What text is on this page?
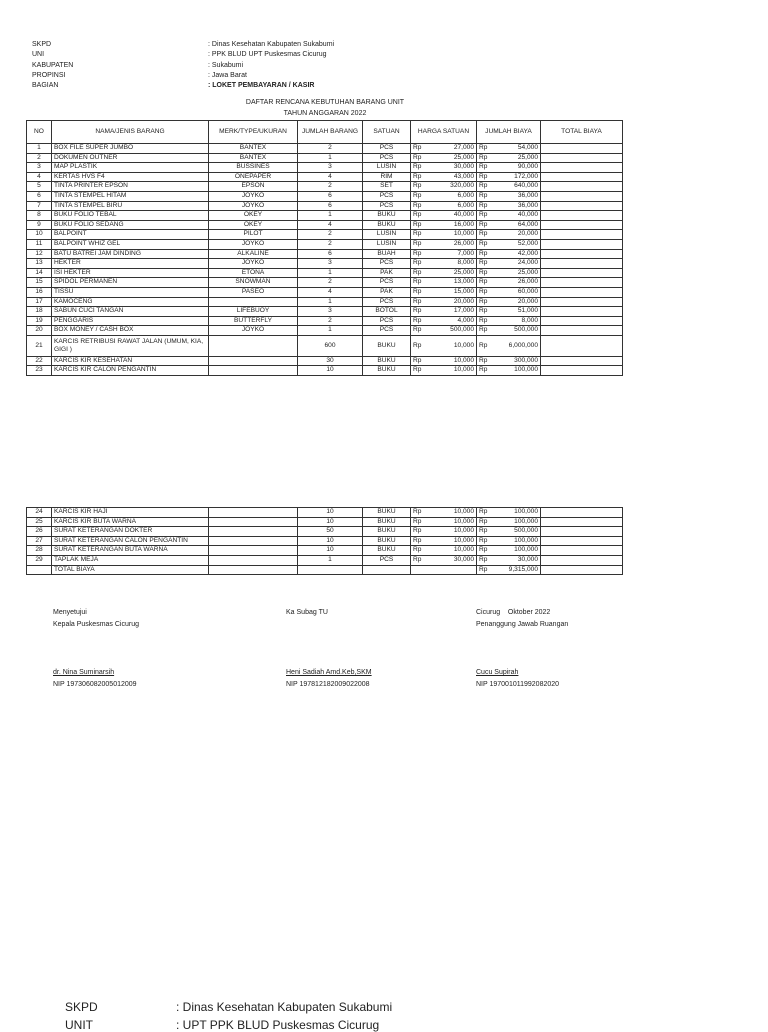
SKPD	: Dinas Kesehatan Kabupaten Sukabumi
UNI	: PPK BLUD UPT Puskesmas Cicurug
KABUPATEN	: Sukabumi
PROPINSI	: Jawa Barat
BAGIAN	: LOKET PEMBAYARAN / KASIR
DAFTAR RENCANA KEBUTUHAN BARANG UNIT
TAHUN ANGGARAN 2022
NO	NAMA/JENIS BARANG	MERK/TYPE/UKURAN	JUMLAH BARANG	SATUAN	HARGA SATUAN	JUMLAH BIAYA	TOTAL BIAYA
1	BOX FILE SUPER JUMBO	BANTEX	2	PCS	Rp 27,000	Rp 54,000	

2	DOKUMEN OUTNER	BANTEX	1	PCS	Rp 25,000	Rp 25,000	

3	MAP PLASTIK	BUSSINES	3	LUSIN	Rp 30,000	Rp 90,000	

4	KERTAS HVS F4	ONEPAPER	4	RIM	Rp 43,000	Rp 172,000	

5	TINTA PRINTER EPSON	EPSON	2	SET	Rp 320,000	Rp 640,000	

6	TINTA STEMPEL HITAM	JOYKO	6	PCS	Rp 6,000	Rp 36,000	

7	TINTA STEMPEL BIRU	JOYKO	6	PCS	Rp 6,000	Rp 36,000	

8	BUKU FOLIO TEBAL	OKEY	1	BUKU	Rp 40,000	Rp 40,000	

9	BUKU FOLIO SEDANG	OKEY	4	BUKU	Rp 16,000	Rp 64,000	

10	BALPOINT	PILOT	2	LUSIN	Rp 10,000	Rp 20,000	

11	BALPOINT WHIZ GEL	JOYKO	2	LUSIN	Rp 26,000	Rp 52,000	

12	BATU BATREI JAM DINDING	ALKALINE	6	BUAH	Rp 7,000	Rp 42,000	

13	HEKTER	JOYKO	3	PCS	Rp 8,000	Rp 24,000	

14	ISI HEKTER	ETONA	1	PAK	Rp 25,000	Rp 25,000	

15	SPIDOL PERMANEN	SNOWMAN	2	PCS	Rp 13,000	Rp 26,000	

16	TISSU	PASEO	4	PAK	Rp 15,000	Rp 60,000	

17	KAMOCENG		1	PCS	Rp 20,000	Rp 20,000	

18	SABUN CUCI TANGAN	LIFEBUOY	3	BOTOL	Rp 17,000	Rp 51,000	

19	PENGGARIS	BUTTERFLY	2	PCS	Rp 4,000	Rp 8,000	

20	BOX MONEY / CASH BOX	JOYKO	1	PCS	Rp 500,000	Rp 500,000	

21	KARCIS RETRIBUSI RAWAT JALAN (UMUM, KIA, GIGI )		600	BUKU	Rp 10,000	Rp 6,000,000	

22	KARCIS KIR KESEHATAN		30	BUKU	Rp 10,000	Rp 300,000	

23	KARCIS KIR CALON PENGANTIN		10	BUKU	Rp 10,000	Rp 100,000	

24	KARCIS KIR HAJI		10	BUKU	Rp 10,000	Rp 100,000	

25	KARCIS KIR BUTA WARNA		10	BUKU	Rp 10,000	Rp 100,000	

26	SURAT KETERANGAN DOKTER		50	BUKU	Rp 10,000	Rp 500,000	

27	SURAT KETERANGAN CALON PENGANTIN		10	BUKU	Rp 10,000	Rp 100,000	

28	SURAT KETERANGAN BUTA WARNA		10	BUKU	Rp 10,000	Rp 100,000	

29	TAPLAK MEJA		1	PCS	Rp 30,000	Rp 30,000	

	TOTAL BIAYA					Rp 9,315,000	

Menyetujui
Kepala Puskesmas Cicurug
dr. Nina Suminarsih
NIP 197306082005012009
Ka Subag TU

Heni Sadiah Amd.Keb,SKM
NIP 197812182009022008
Cicurug    Oktober 2022
Penanggung Jawab Ruangan
Cucu Supirah
NIP 197001011992082020
SKPD	: Dinas Kesehatan Kabupaten Sukabumi
UNIT	: UPT PPK BLUD Puskesmas Cicurug
